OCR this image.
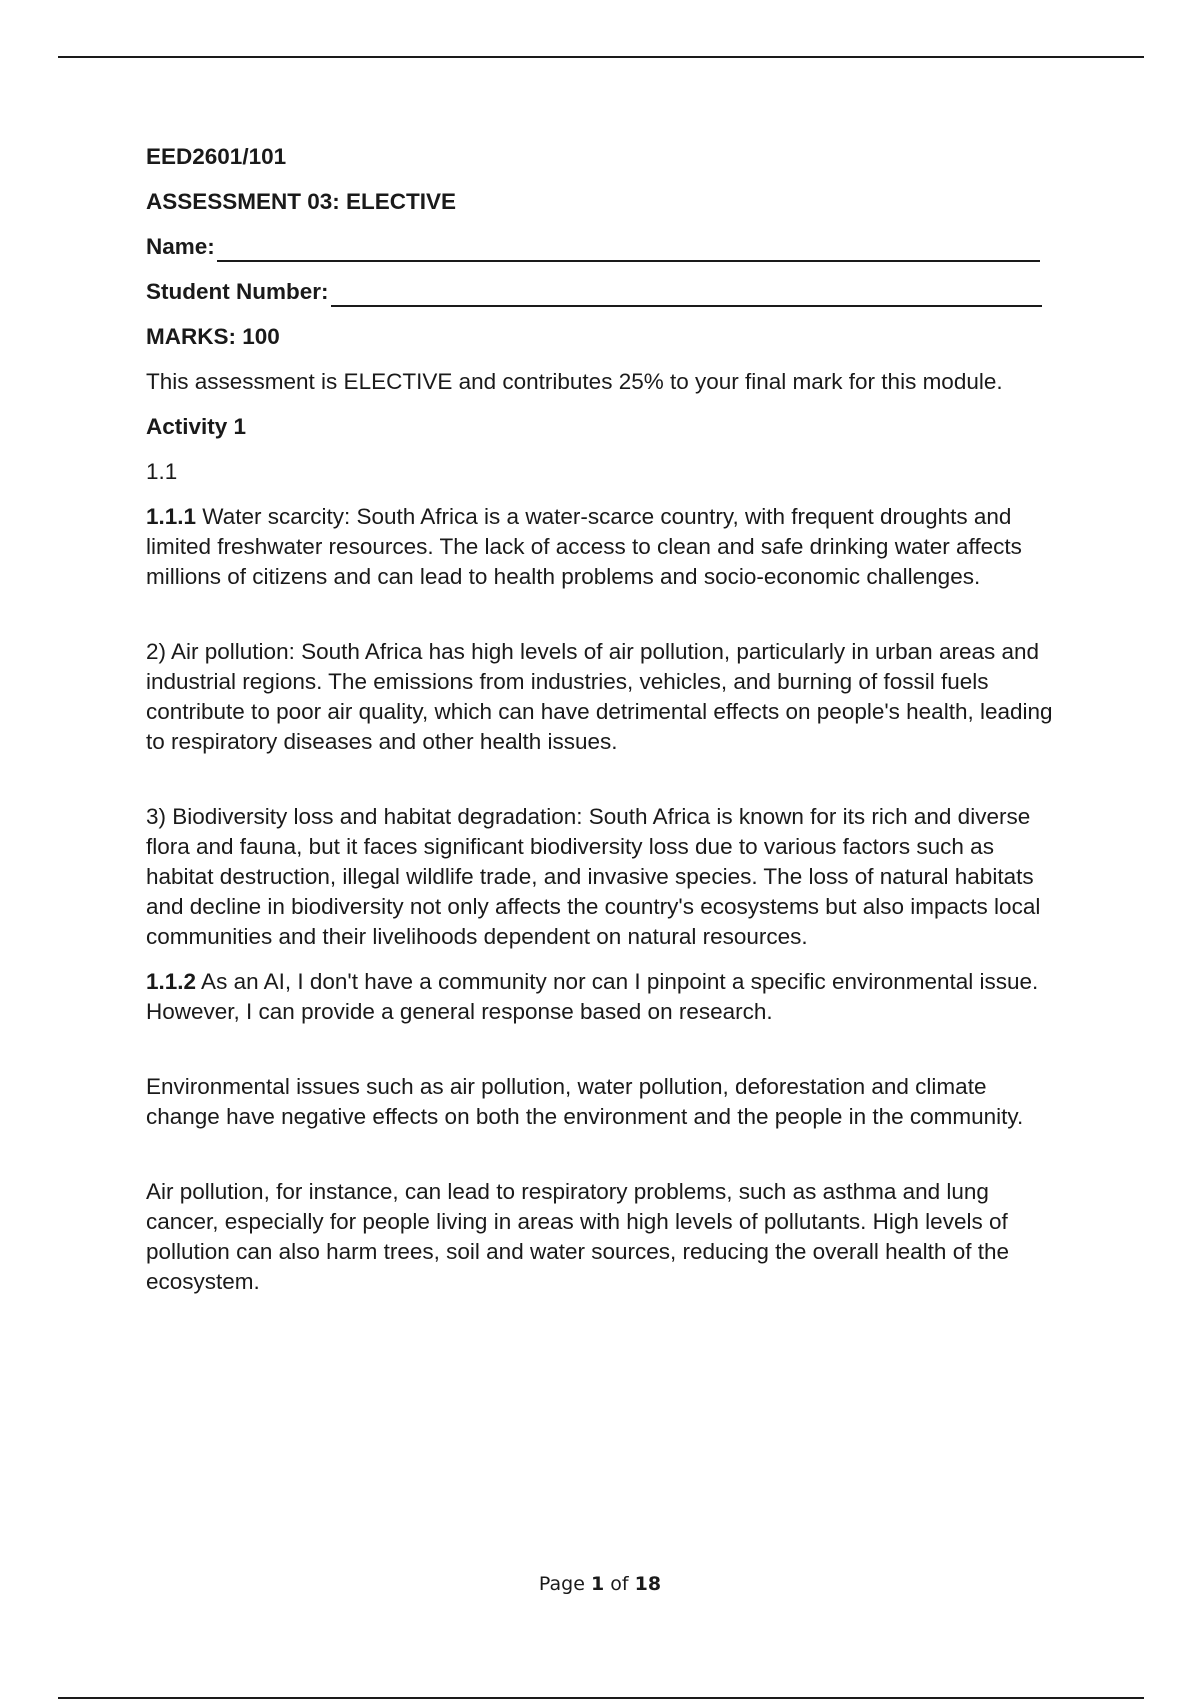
EED2601/101
ASSESSMENT 03: ELECTIVE
Name:
Student Number:
MARKS: 100

This assessment is ELECTIVE and contributes 25% to your final mark for this module.

Activity 1

1.1

1.1.1 Water scarcity: South Africa is a water-scarce country, with frequent droughts and limited freshwater resources. The lack of access to clean and safe drinking water affects millions of citizens and can lead to health problems and socio-economic challenges.

2) Air pollution: South Africa has high levels of air pollution, particularly in urban areas and industrial regions. The emissions from industries, vehicles, and burning of fossil fuels contribute to poor air quality, which can have detrimental effects on people's health, leading to respiratory diseases and other health issues.

3) Biodiversity loss and habitat degradation: South Africa is known for its rich and diverse flora and fauna, but it faces significant biodiversity loss due to various factors such as habitat destruction, illegal wildlife trade, and invasive species. The loss of natural habitats and decline in biodiversity not only affects the country's ecosystems but also impacts local communities and their livelihoods dependent on natural resources.

1.1.2 As an AI, I don't have a community nor can I pinpoint a specific environmental issue. However, I can provide a general response based on research.

Environmental issues such as air pollution, water pollution, deforestation and climate change have negative effects on both the environment and the people in the community.

Air pollution, for instance, can lead to respiratory problems, such as asthma and lung cancer, especially for people living in areas with high levels of pollutants. High levels of pollution can also harm trees, soil and water sources, reducing the overall health of the ecosystem.

Page 1 of 18
